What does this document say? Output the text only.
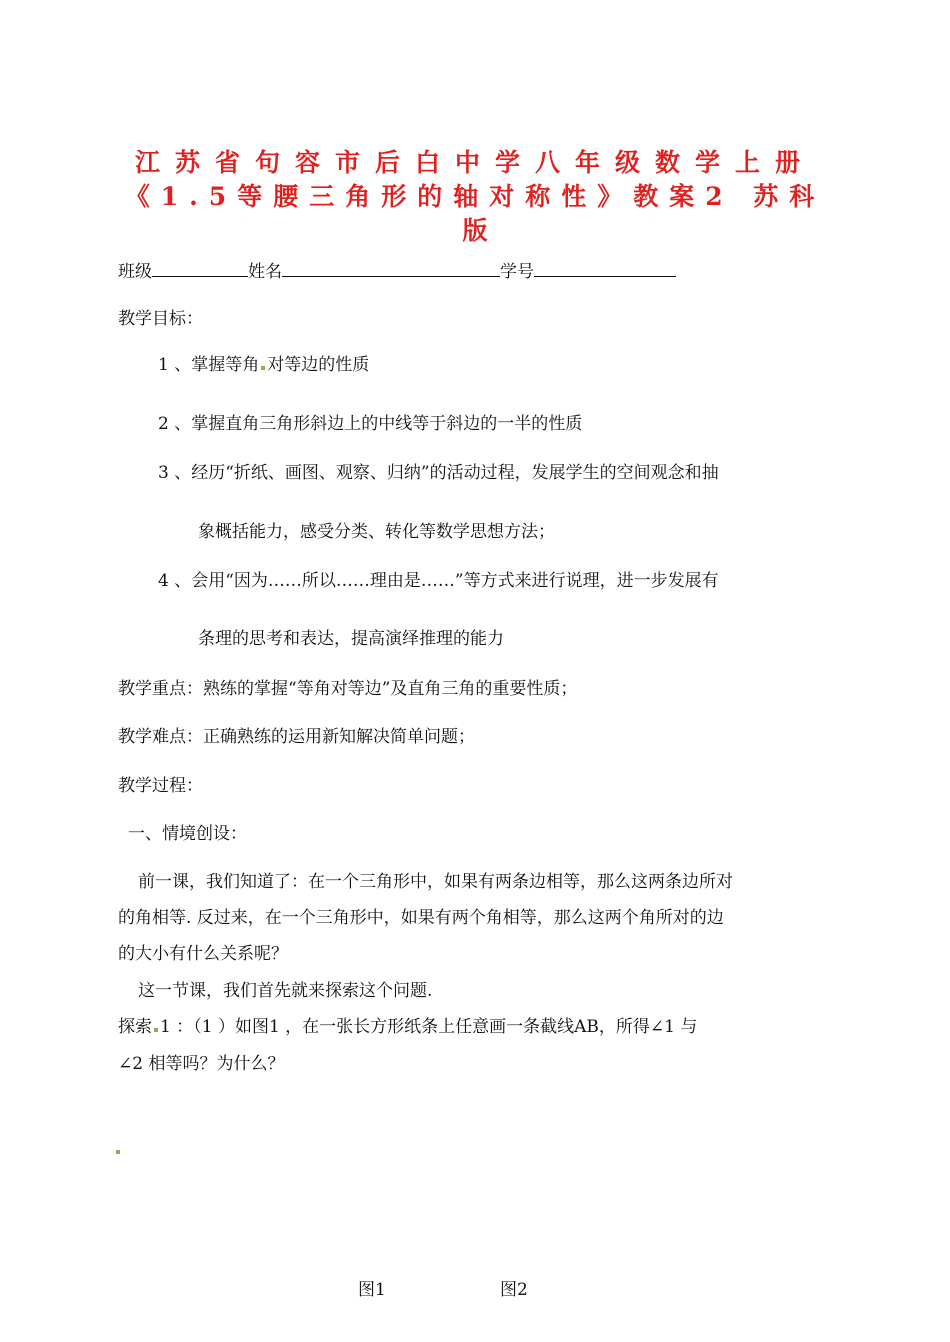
江苏省句容市后白中学八年级数学上册
《1.5等腰三角形的轴对称性》教案2 苏科
版
班级	姓名	学号
教学目标：
1 、掌握等角 对等边的性质
2 、掌握直角三角形斜边上的中线等于斜边的一半的性质
3 、经历“折纸、画图、观察、归纳”的活动过程，发展学生的空间观念和抽
象概括能力，感受分类、转化等数学思想方法；
4 、会用“因为……所以……理由是……”等方式来进行说理，进一步发展有
条理的思考和表达，提高演绎推理的能力
教学重点：熟练的掌握“等角对等边”及直角三角的重要性质；
教学难点：正确熟练的运用新知解决简单问题；
教学过程：
一、情境创设：
前一课，我们知道了：在一个三角形中，如果有两条边相等，那么这两条边所对
的角相等. 反过来，在一个三角形中，如果有两个角相等，那么这两个角所对的边
的大小有什么关系呢？
这一节课，我们首先就来探索这个问题.
探索 1 ：（1 ）如图1 ，在一张长方形纸条上任意画一条截线AB，所得∠1 与
∠2 相等吗？为什么？
图1	图2
